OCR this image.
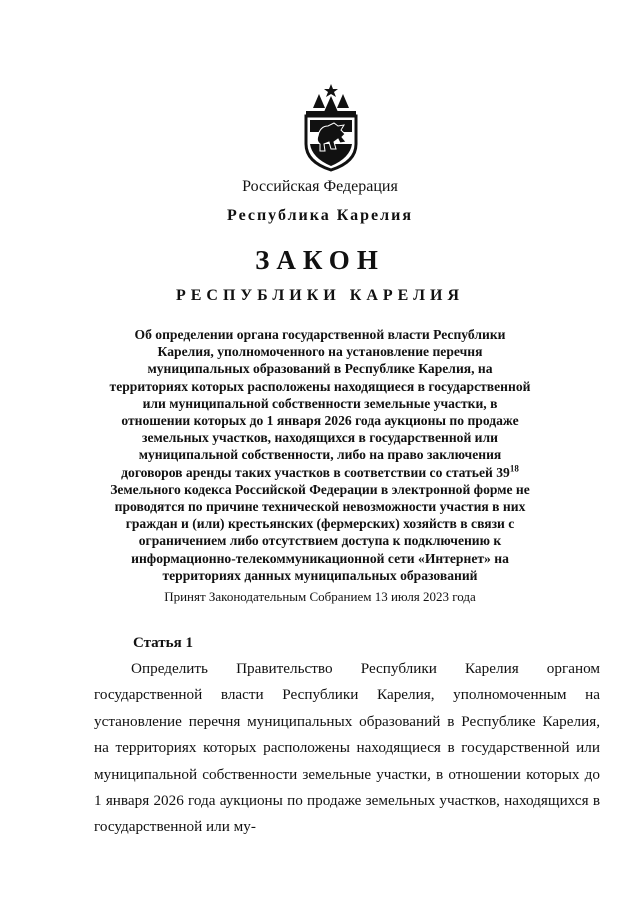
Российская Федерация
Республика Карелия
ЗАКОН
РЕСПУБЛИКИ КАРЕЛИЯ
Об определении органа государственной власти Республики Карелия, уполномоченного на установление перечня муниципальных образований в Республике Карелия, на территориях которых расположены находящиеся в государственной или муниципальной собственности земельные участки, в отношении которых до 1 января 2026 года аукционы по продаже земельных участков, находящихся в государственной или муниципальной собственности, либо на право заключения договоров аренды таких участков в соответствии со статьей $39^{18}$ Земельного кодекса Российской Федерации в электронной форме не проводятся по причине технической невозможности участия в них граждан и (или) крестьянских (фермерских) хозяйств в связи с ограничением либо отсутствием доступа к подключению к информационно-телекоммуникационной сети «Интернет» на территориях данных муниципальных образований
Принят Законодательным Собранием 13 июля 2023 года
Статья 1
Определить Правительство Республики Карелия органом государственной власти Республики Карелия, уполномоченным на установление перечня муниципальных образований в Республике Карелия, на территориях которых расположены находящиеся в государственной или муниципальной собственности земельные участки, в отношении которых до 1 января 2026 года аукционы по продаже земельных участков, находящихся в государственной или му-
